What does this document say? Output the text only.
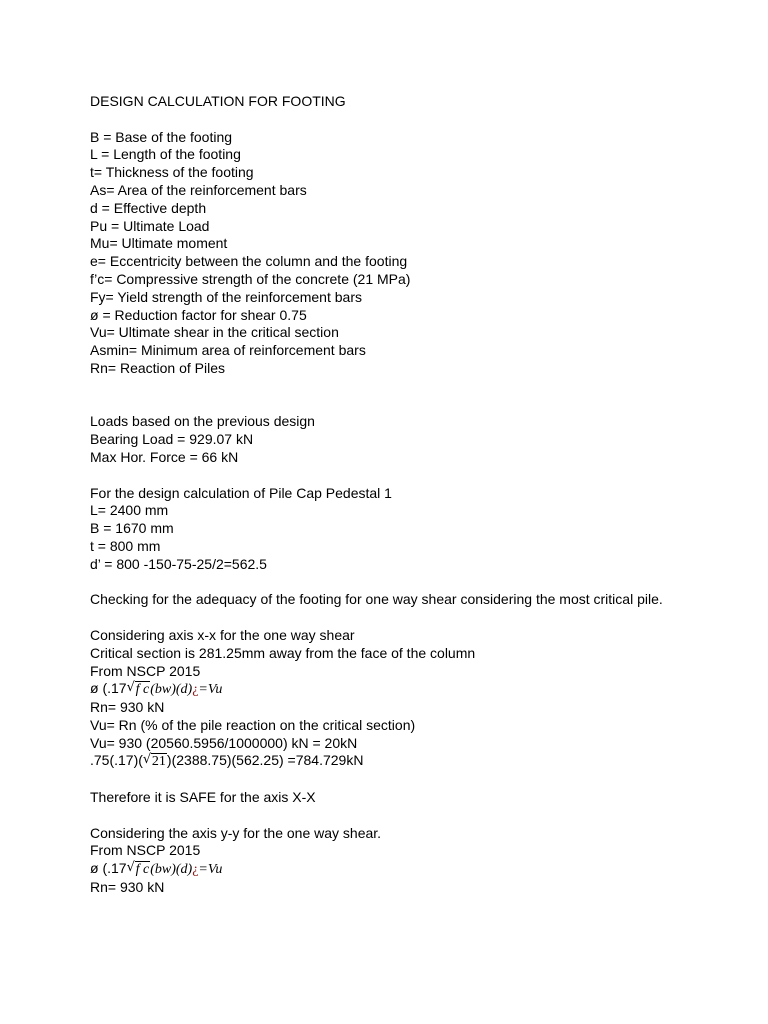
DESIGN CALCULATION FOR FOOTING
B = Base of the footing
L = Length of the footing
t= Thickness of the footing
As= Area of the reinforcement bars
d = Effective depth
Pu = Ultimate Load
Mu= Ultimate moment
e= Eccentricity between the column and the footing
f’c= Compressive strength of the concrete (21 MPa)
Fy= Yield strength of the reinforcement bars
ø = Reduction factor for shear 0.75
Vu= Ultimate shear in the critical section
Asmin= Minimum area of reinforcement bars
Rn= Reaction of Piles
Loads based on the previous design
Bearing Load = 929.07 kN
Max Hor. Force = 66 kN
For the design calculation of Pile Cap Pedestal 1
L= 2400 mm
B = 1670 mm
t = 800 mm
d’ = 800 -150-75-25/2=562.5
Checking for the adequacy of the footing for one way shear considering the most critical pile.
Considering axis x-x for the one way shear
Critical section is 281.25mm away from the face of the column
From NSCP 2015
ø (.17 √ f c(bw)(d)¿=Vu
Rn= 930 kN
Vu= Rn (% of the pile reaction on the critical section)
Vu= 930 (20560.5956/1000000) kN = 20kN
.75(.17)( √ 21)(2388.75)(562.25) =784.729kN
Therefore it is SAFE for the axis X-X
Considering the axis y-y for the one way shear.
From NSCP 2015
ø (.17 √ f c(bw)(d)¿=Vu
Rn= 930 kN
